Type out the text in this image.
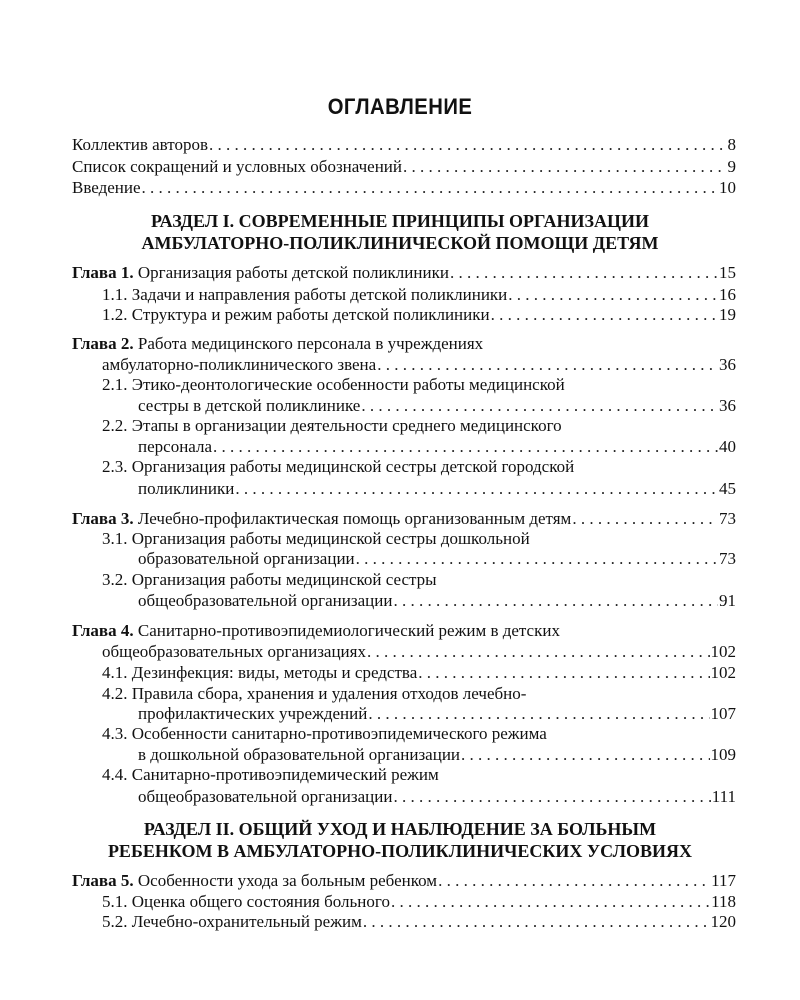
ОГЛАВЛЕНИЕ
Коллектив авторов . . .	8
Список сокращений и условных обозначений . . .	9
Введение . . .	10
РАЗДЕЛ I. СОВРЕМЕННЫЕ ПРИНЦИПЫ ОРГАНИЗАЦИИ
АМБУЛАТОРНО-ПОЛИКЛИНИЧЕСКОЙ ПОМОЩИ ДЕТЯМ
Глава 1. Организация работы детской поликлиники . . .	15
1.1. Задачи и направления работы детской поликлиники . . .	16
1.2. Структура и режим работы детской поликлиники . . .	19
Глава 2. Работа медицинского персонала в учреждениях
амбулаторно-поликлинического звена . . .	36
2.1. Этико-деонтологические особенности работы медицинской
сестры в детской поликлинике . . .	36
2.2. Этапы в организации деятельности среднего медицинского
персонала . . .	40
2.3. Организация работы медицинской сестры детской городской
поликлиники . . .	45
Глава 3. Лечебно-профилактическая помощь организованным детям . . .	73
3.1. Организация работы медицинской сестры дошкольной
образовательной организации . . .	73
3.2. Организация работы медицинской сестры
общеобразовательной организации . . .	91
Глава 4. Санитарно-противоэпидемиологический режим в детских
общеобразовательных организациях . . .	102
4.1. Дезинфекция: виды, методы и средства . . .	102
4.2. Правила сбора, хранения и удаления отходов лечебно-
профилактических учреждений . . .	107
4.3. Особенности санитарно-противоэпидемического режима
в дошкольной образовательной организации . . .	109
4.4. Санитарно-противоэпидемический режим
общеобразовательной организации . . .	111
РАЗДЕЛ II. ОБЩИЙ УХОД И НАБЛЮДЕНИЕ ЗА БОЛЬНЫМ
РЕБЕНКОМ В АМБУЛАТОРНО-ПОЛИКЛИНИЧЕСКИХ УСЛОВИЯХ
Глава 5. Особенности ухода за больным ребенком . . .	117
5.1. Оценка общего состояния больного . . .	118
5.2. Лечебно-охранительный режим . . .	120
